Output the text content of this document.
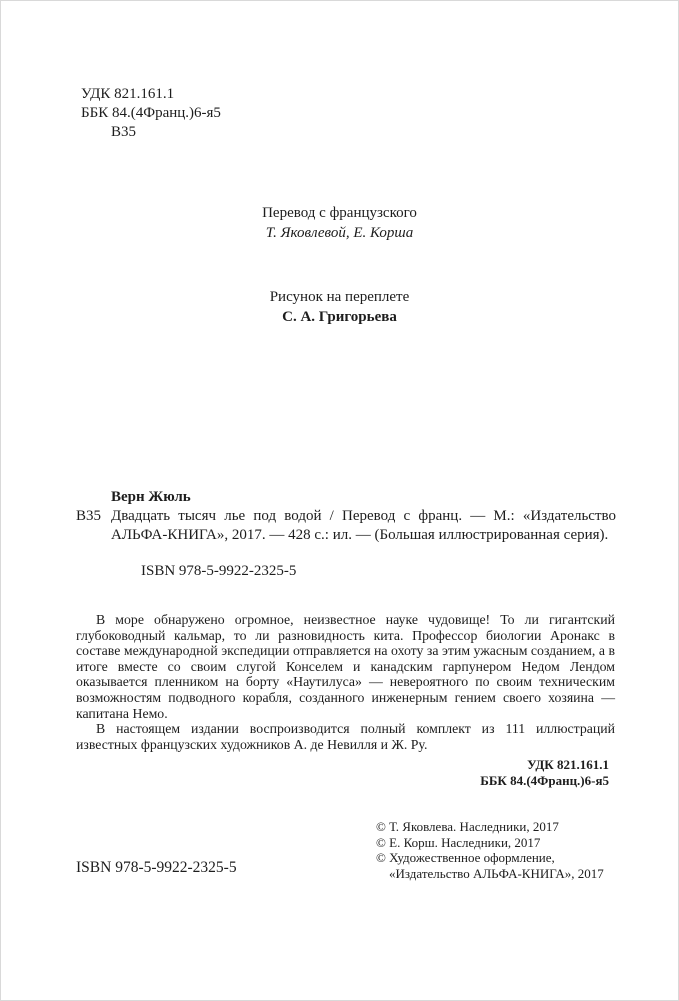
УДК 821.161.1
ББК 84.(4Франц.)6-я5
В35
Перевод с французского
Т. Яковлевой, Е. Корша
Рисунок на переплете
С. А. Григорьева
Верн Жюль
В35 Двадцать тысяч лье под водой / Перевод с франц. — М.: «Издательство АЛЬФА-КНИГА», 2017. — 428 с.: ил. — (Большая иллюстрированная серия).
ISBN 978-5-9922-2325-5

В море обнаружено огромное, неизвестное науке чудовище! То ли гигантский глубоководный кальмар, то ли разновидность кита. Профессор биологии Аронакс в составе международной экспедиции отправляется на охоту за этим ужасным созданием, а в итоге вместе со своим слугой Конселем и канадским гарпунером Недом Лендом оказывается пленником на борту «Наутилуса» — невероятного по своим техническим возможностям подводного корабля, созданного инженерным гением своего хозяина — капитана Немо.

В настоящем издании воспроизводится полный комплект из 111 иллюстраций известных французских художников А. де Невилля и Ж. Ру.

УДК 821.161.1
ББК 84.(4Франц.)6-я5
© Т. Яковлева. Наследники, 2017
© Е. Корш. Наследники, 2017
© Художественное оформление,
«Издательство АЛЬФА-КНИГА», 2017
ISBN 978-5-9922-2325-5
